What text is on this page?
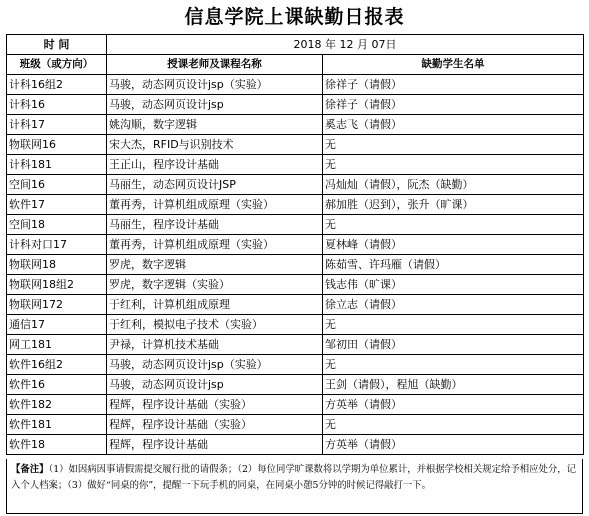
信息学院上课缺勤日报表
时 间	2018 年 12 月 07日	
班级（或方向）	授课老师及课程名称	缺勤学生名单
计科16组2	马骏，动态网页设计jsp（实验）	徐祥子（请假）
计科16	马骏，动态网页设计jsp	徐祥子（请假）
计科17	姚沟顺，数字逻辑	奚志飞（请假）
物联网16	宋大杰，RFID与识别技术	无
计科181	王正山，程序设计基础	无
空间16	马丽生，动态网页设计JSP	冯灿灿（请假），阮杰（缺勤）
软件17	董再秀，计算机组成原理（实验）	郝加胜（迟到），张升（旷课）
空间18	马丽生，程序设计基础	无
计科对口17	董再秀，计算机组成原理（实验）	夏林峰（请假）
物联网18	罗虎，数字逻辑	陈茹雪、许玛雁（请假）
物联网18组2	罗虎，数字逻辑（实验）	钱志伟（旷课）
物联网172	于红利，计算机组成原理	徐立志（请假）
通信17	于红利，模拟电子技术（实验）	无
网工181	尹禄，计算机技术基础	邹初田（请假）
软件16组2	马骏，动态网页设计jsp（实验）	无
软件16	马骏，动态网页设计jsp	王剑（请假），程旭（缺勤）
软件182	程辉，程序设计基础（实验）	方英举（请假）
软件181	程辉，程序设计基础（实验）	无
软件18	程辉，程序设计基础	方英举（请假）
【备注】（1）如因病因事请假需提交履行批的请假条；（2）每位同学旷课数将以学期为单位累计，并根据学校相关规定给予相应处分，记入个人档案；（3）做好“同桌的你”，提醒一下玩手机的同桌，在同桌小憩5分钟的时候记得敲打一下。
